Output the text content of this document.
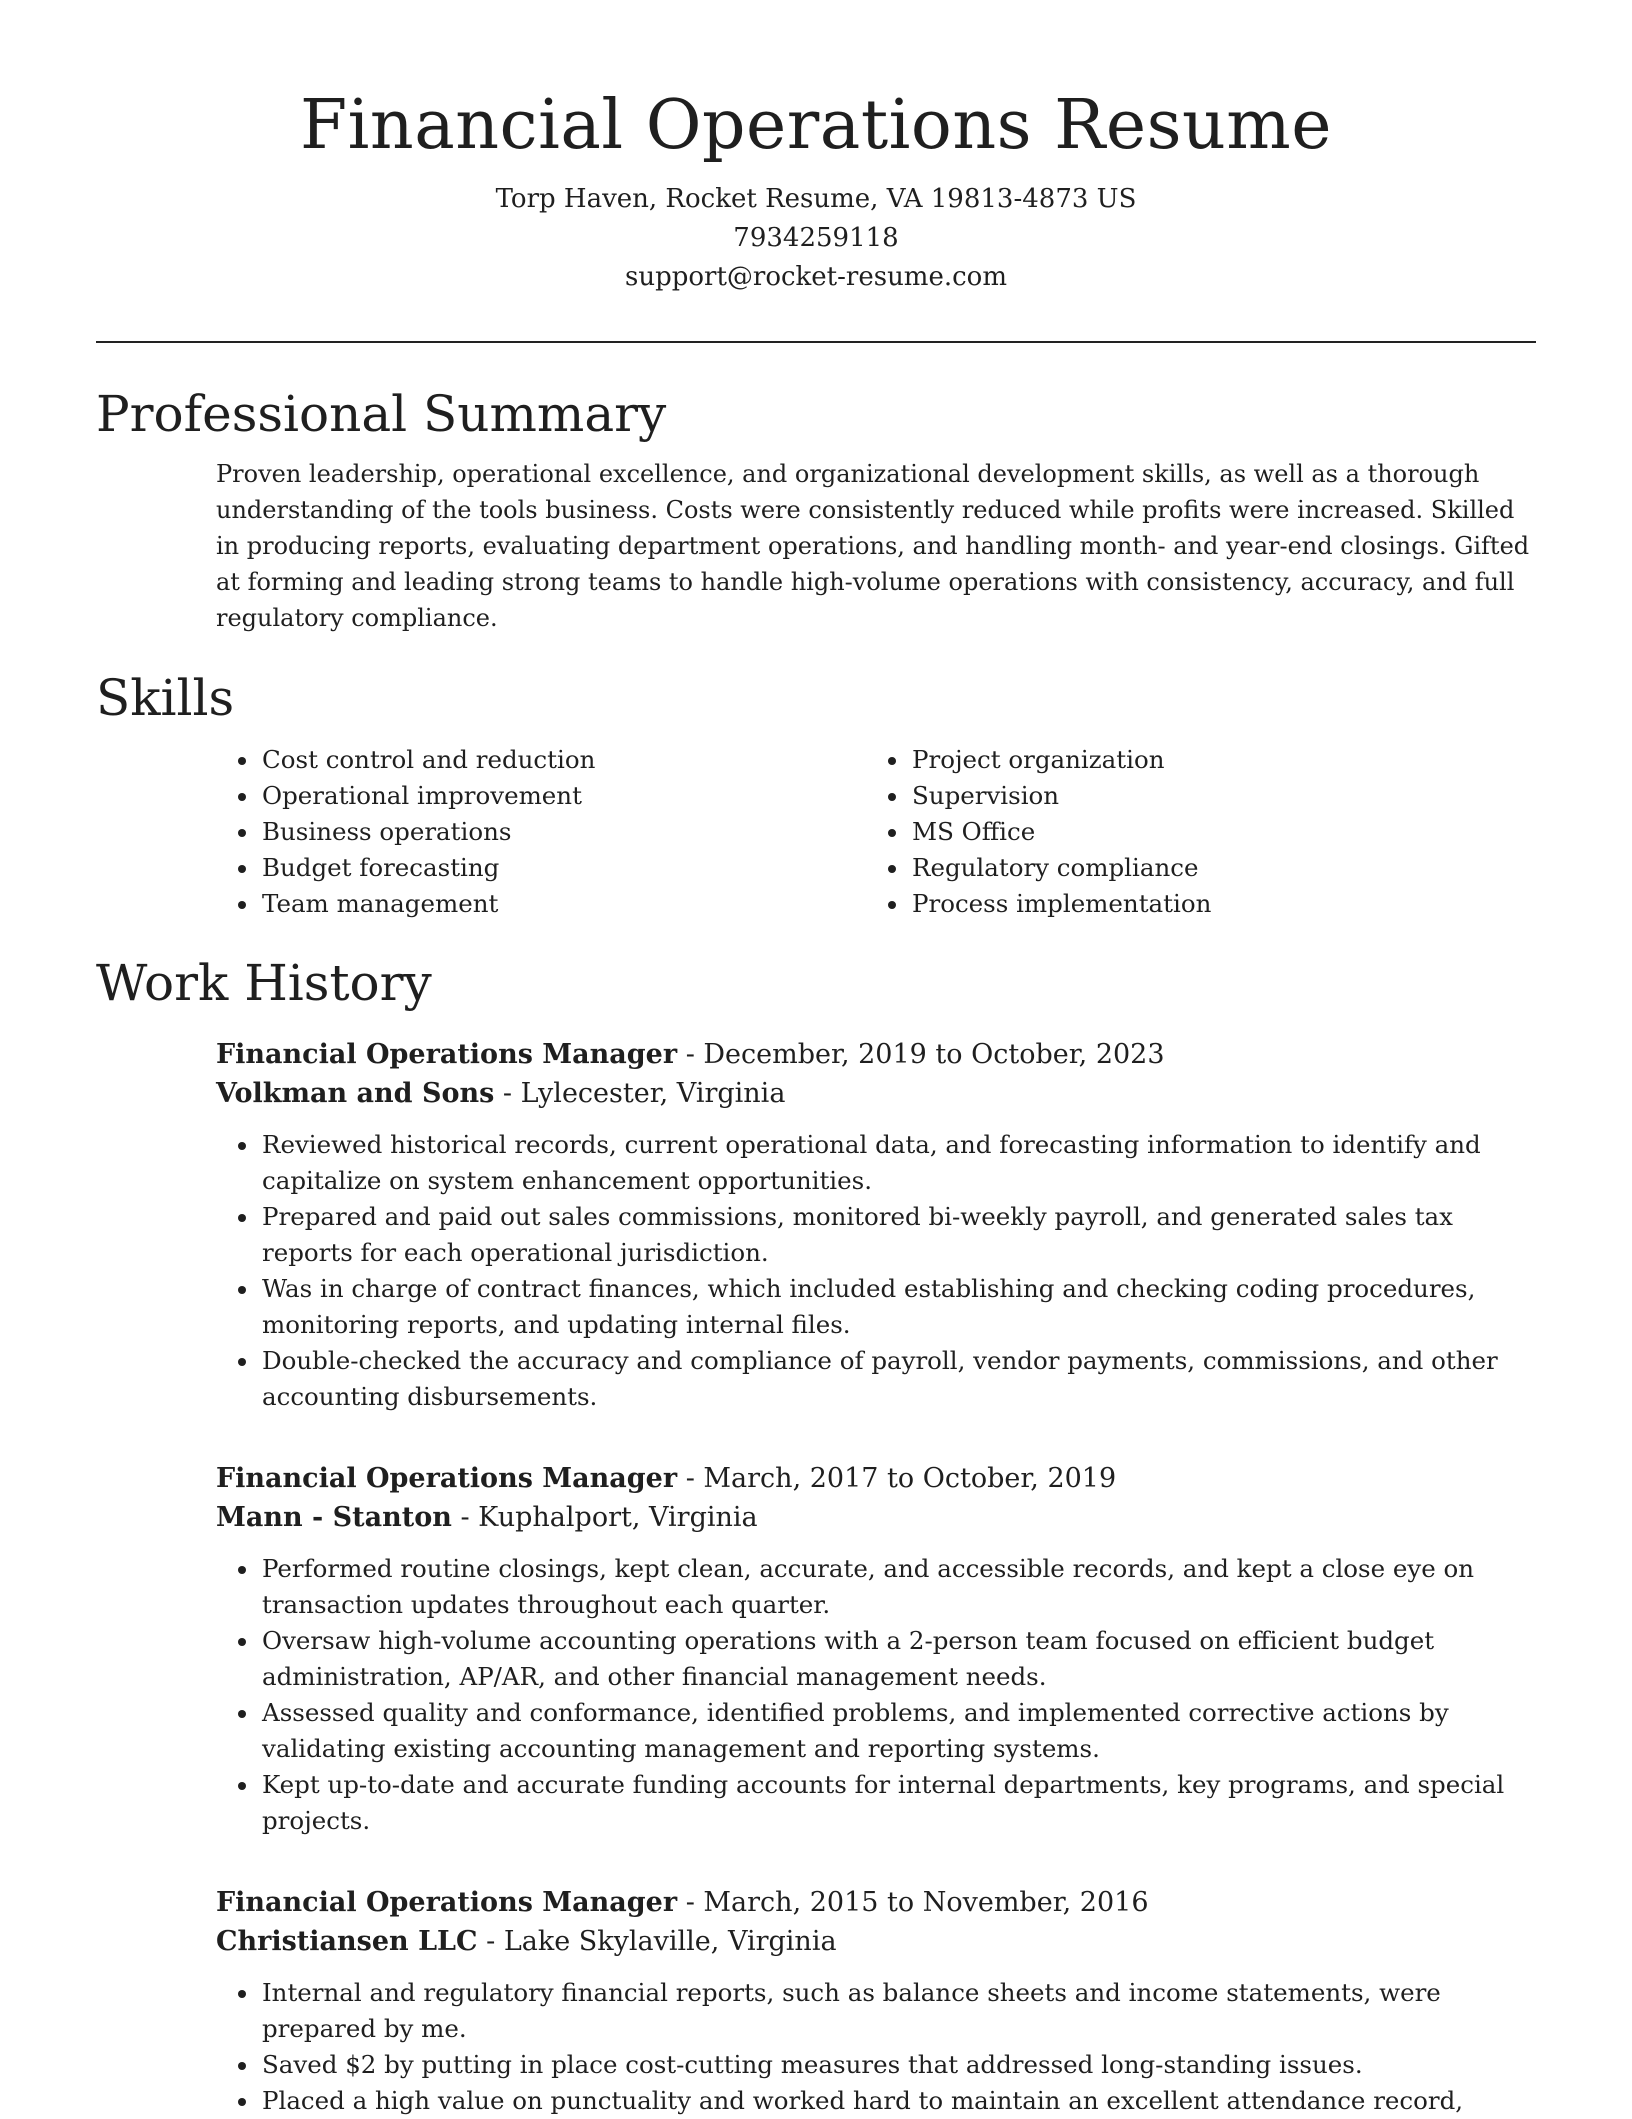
Financial Operations Resume
Torp Haven, Rocket Resume, VA 19813-4873 US
7934259118
support@rocket-resume.com
Professional Summary
Proven leadership, operational excellence, and organizational development skills, as well as a thorough understanding of the tools business. Costs were consistently reduced while profits were increased. Skilled in producing reports, evaluating department operations, and handling month- and year-end closings. Gifted at forming and leading strong teams to handle high-volume operations with consistency, accuracy, and full regulatory compliance.
Skills
• Cost control and reduction
• Operational improvement
• Business operations
• Budget forecasting
• Team management
• Project organization
• Supervision
• MS Office
• Regulatory compliance
• Process implementation
Work History
Financial Operations Manager - December, 2019 to October, 2023
Volkman and Sons - Lylecester, Virginia
• Reviewed historical records, current operational data, and forecasting information to identify and capitalize on system enhancement opportunities.
• Prepared and paid out sales commissions, monitored bi-weekly payroll, and generated sales tax reports for each operational jurisdiction.
• Was in charge of contract finances, which included establishing and checking coding procedures, monitoring reports, and updating internal files.
• Double-checked the accuracy and compliance of payroll, vendor payments, commissions, and other accounting disbursements.
Financial Operations Manager - March, 2017 to October, 2019
Mann - Stanton - Kuphalport, Virginia
• Performed routine closings, kept clean, accurate, and accessible records, and kept a close eye on transaction updates throughout each quarter.
• Oversaw high-volume accounting operations with a 2-person team focused on efficient budget administration, AP/AR, and other financial management needs.
• Assessed quality and conformance, identified problems, and implemented corrective actions by validating existing accounting management and reporting systems.
• Kept up-to-date and accurate funding accounts for internal departments, key programs, and special projects.
Financial Operations Manager - March, 2015 to November, 2016
Christiansen LLC - Lake Skylaville, Virginia
• Internal and regulatory financial reports, such as balance sheets and income statements, were prepared by me.
• Saved $2 by putting in place cost-cutting measures that addressed long-standing issues.
• Placed a high value on punctuality and worked hard to maintain an excellent attendance record,
